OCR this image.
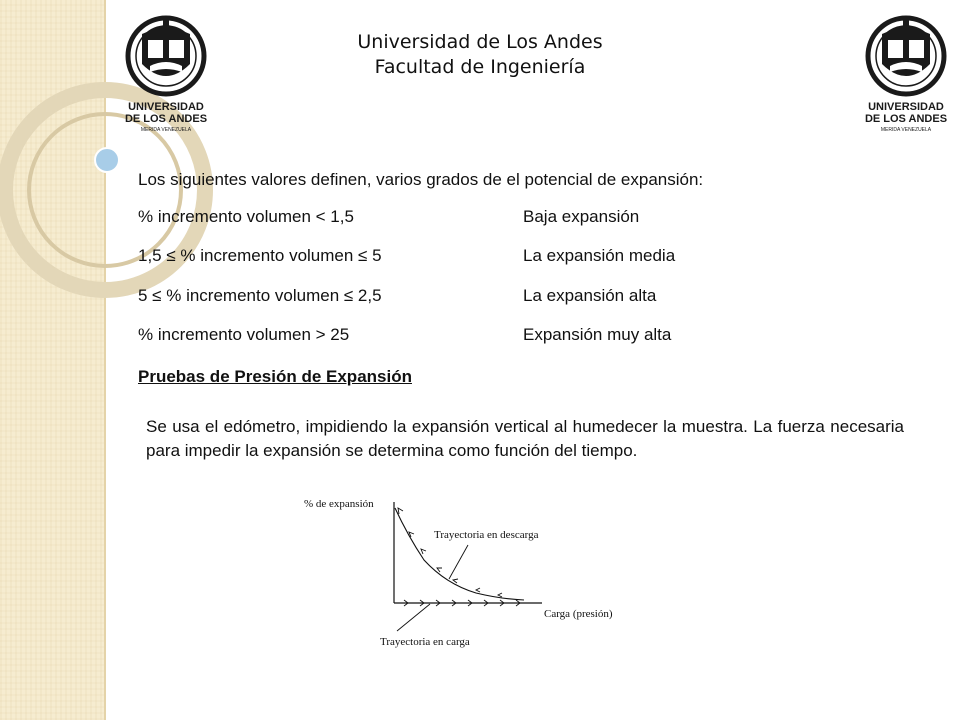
UNIVERSIDAD
DE LOS ANDES
MERIDA VENEZUELA
UNIVERSIDAD
DE LOS ANDES
MERIDA VENEZUELA
Universidad de Los Andes
Facultad de Ingeniería
Los siguientes valores definen, varios grados de el potencial de expansión:
% incremento volumen < 1,5	Baja expansión
1,5 ≤ % incremento volumen ≤ 5	La expansión media
5 ≤ % incremento volumen ≤ 2,5	La expansión alta
% incremento volumen > 25	Expansión muy alta
Pruebas de Presión de Expansión
Se usa el edómetro, impidiendo la expansión vertical al humedecer la muestra. La fuerza necesaria para impedir la expansión se determina como función del tiempo.
% de expansión
Carga (presión)
Trayectoria en descarga
Trayectoria en carga
